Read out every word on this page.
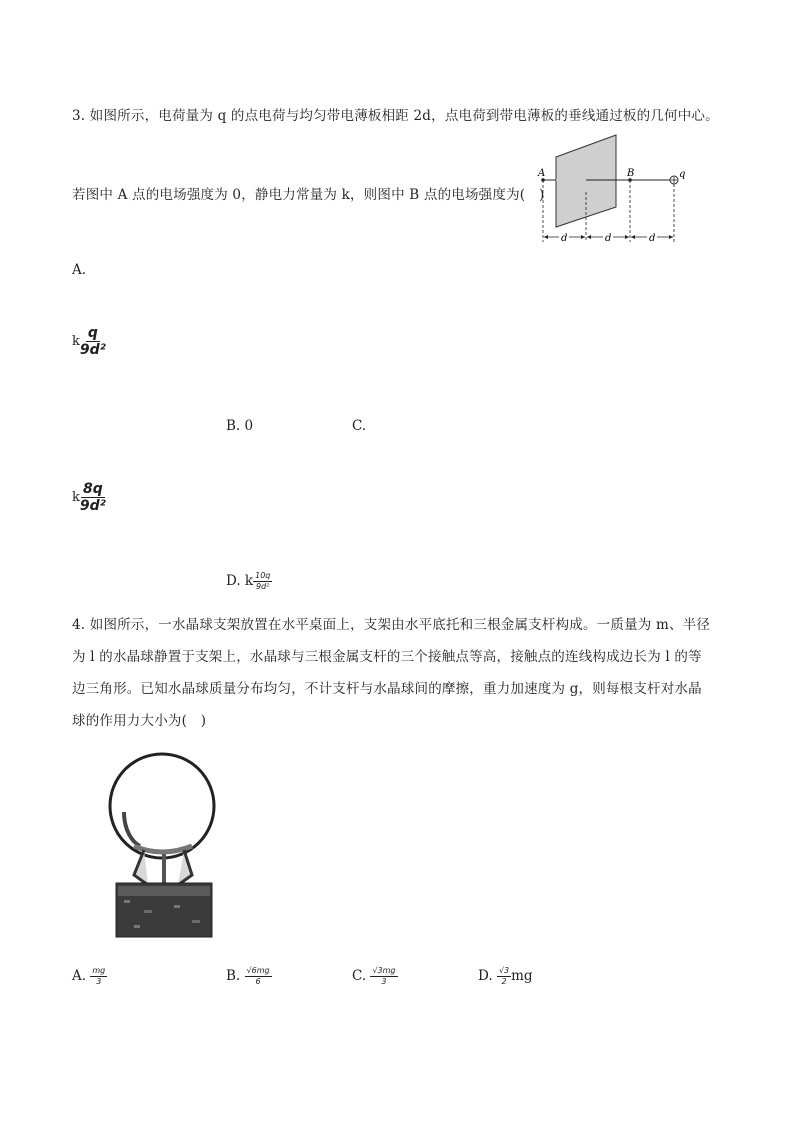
3. 如图所示，电荷量为 q 的点电荷与均匀带电薄板相距 2d，点电荷到带电薄板的垂线通过板的几何中心。
若图中 A 点的电场强度为 0，静电力常量为 k，则图中 B 点的电场强度为(　)
A	B	q
d	d	d
A.
k $\frac{q}{\text{9d²}}$
B. 0	C.
k $\frac{8q}{\text{9d²}}$
D. k $\frac{10q}{\text{9d²}}$
4. 如图所示，一水晶球支架放置在水平桌面上，支架由水平底托和三根金属支杆构成。一质量为 m、半径
为 l 的水晶球静置于支架上，水晶球与三根金属支杆的三个接触点等高，接触点的连线构成边长为 l 的等
边三角形。已知水晶球质量分布均匀，不计支杆与水晶球间的摩擦，重力加速度为 g，则每根支杆对水晶
球的作用力大小为(　)
A. $\frac{mg}{3}$	B. $\frac{√6mg}{6}$	C. $\frac{√3mg}{3}$	D. $\frac{√3}{2}$ mg
